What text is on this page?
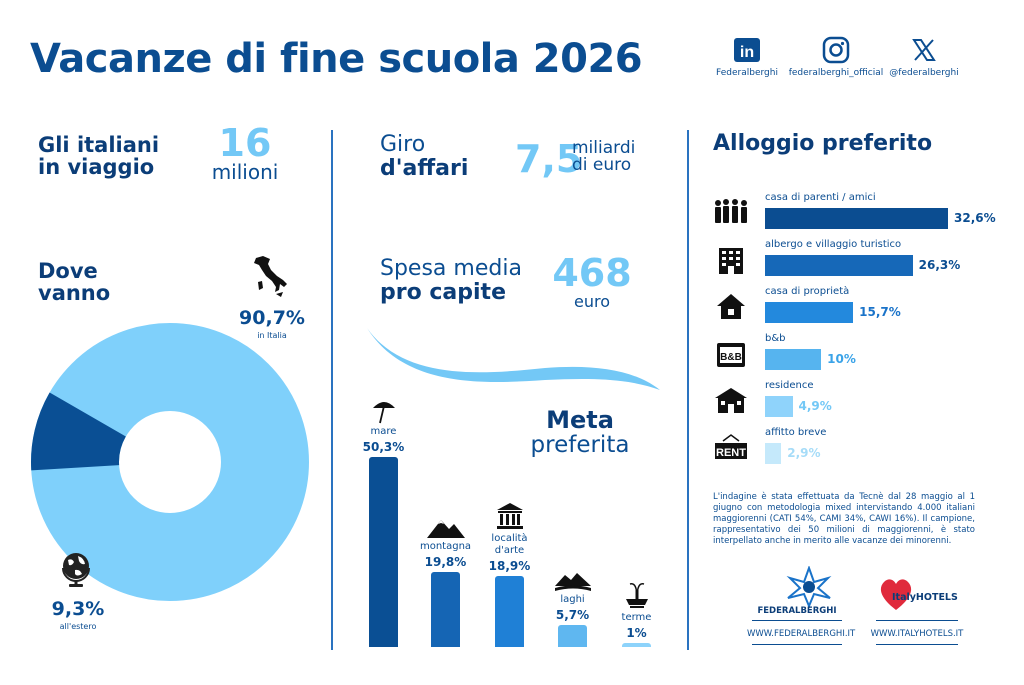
Vacanze di fine scuola 2026	in
Federalberghi	federalberghi_official @federalberghi
Gli italiani
in viaggio
16
milioni
Dove
vanno
90,7%
in Italia
9,3%
all'estero
Giro
d'affari 7,5
miliardi
di euro
Spesa media
pro capite	468
euro
Meta
preferita
50,3%
19,8%	18,9%
5,7%
1%
Alloggio preferito
casa di parenti / amici
32,6%
albergo e villaggio turistico
26,3%
casa di proprietà
15,7%
b&b
10%
B&B
residence
4,9%
affitto breve
2,9%
RENT
L'indagine è stata effettuata da Tecnè dal 28 maggio al 1 giugno con metodologia mixed intervistando 4.000 italiani maggiorenni (CATI 54%, CAMI 34%, CAWI 16%). Il campione, rappresentativo dei 50 milioni di maggiorenni, è stato interpellato anche in merito alle vacanze dei minorenni.
FEDERALBERGHI
WWW.FEDERALBERGHI.IT
ItalyHOTELS
WWW.ITALYHOTELS.IT
mare
montagna
località
d'arte
laghi
terme
